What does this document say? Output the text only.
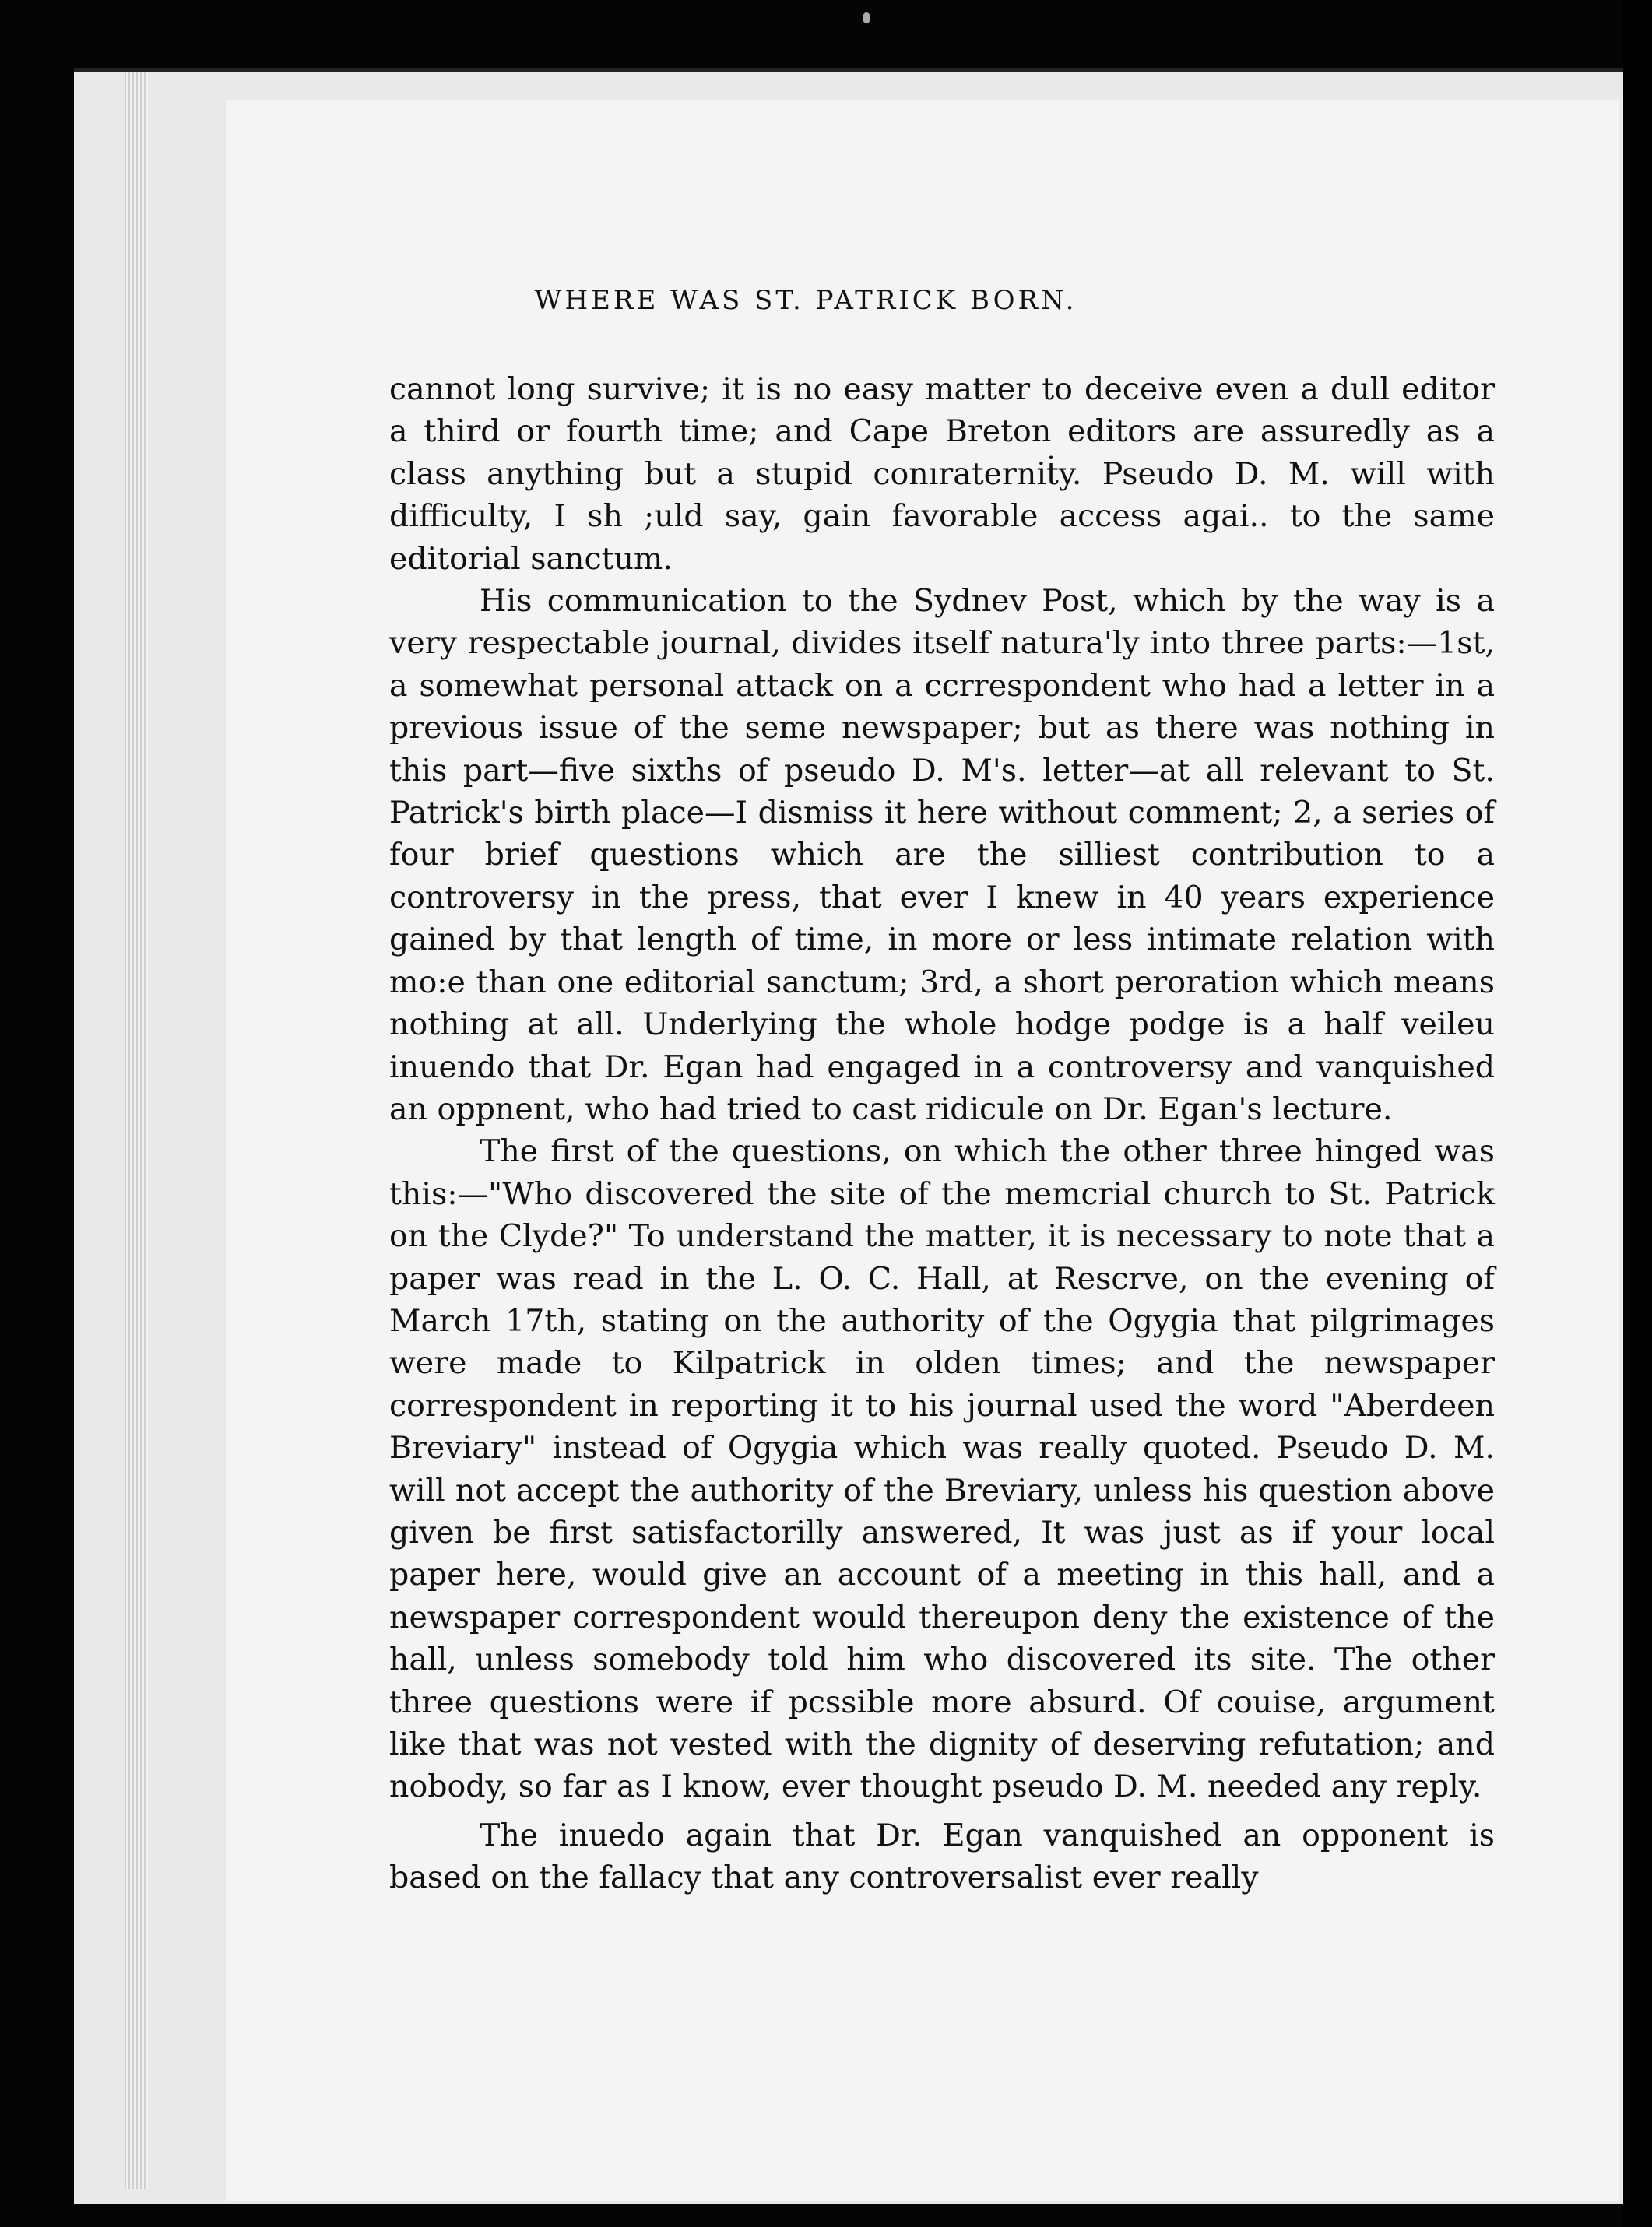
WHERE WAS ST. PATRICK BORN.

cannot long survive; it is no easy matter to deceive even a dull editor a third or fourth time; and Cape Breton editors are assuredly as a class anything but a stupid conıraterniṫy. Pseudo D. M. will with difficulty, I sh ;uld say, gain favorable access agai.. to the same editorial sanctum.

His communication to the Sydnev Post, which by the way is a very respectable journal, divides itself natura'ly into three parts:—1st, a somewhat personal attack on a ccrrespondent who had a letter in a previous issue of the seme newspaper; but as there was nothing in this part—five sixths of pseudo D. M's. letter—at all relevant to St. Patrick's birth place—I dismiss it here without comment; 2, a series of four brief questions which are the silliest contribution to a controversy in the press, that ever I knew in 40 years experience gained by that length of time, in more or less intimate relation with mo:e than one editorial sanctum; 3rd, a short peroration which means nothing at all. Underlying the whole hodge podge is a half veileu inuendo that Dr. Egan had engaged in a controversy and vanquished an oppnent, who had tried to cast ridicule on Dr. Egan's lecture.

The first of the questions, on which the other three hinged was this:—"Who discovered the site of the memcrial church to St. Patrick on the Clyde?" To understand the matter, it is necessary to note that a paper was read in the L. O. C. Hall, at Rescrve, on the evening of March 17th, stating on the authority of the Ogygia that pilgrimages were made to Kilpatrick in olden times; and the newspaper correspondent in reporting it to his journal used the word "Aberdeen Breviary" instead of Ogygia which was really quoted. Pseudo D. M. will not accept the authority of the Breviary, unless his question above given be first satisfactorilly answered, It was just as if your local paper here, would give an account of a meeting in this hall, and a newspaper correspondent would thereupon deny the existence of the hall, unless somebody told him who discovered its site. The other three questions were if pcssible more absurd. Of couise, argument like that was not vested with the dignity of deserving refutation; and nobody, so far as I know, ever thought pseudo D. M. needed any reply.

The inuedo again that Dr. Egan vanquished an opponent is based on the fallacy that any controversalist ever really
